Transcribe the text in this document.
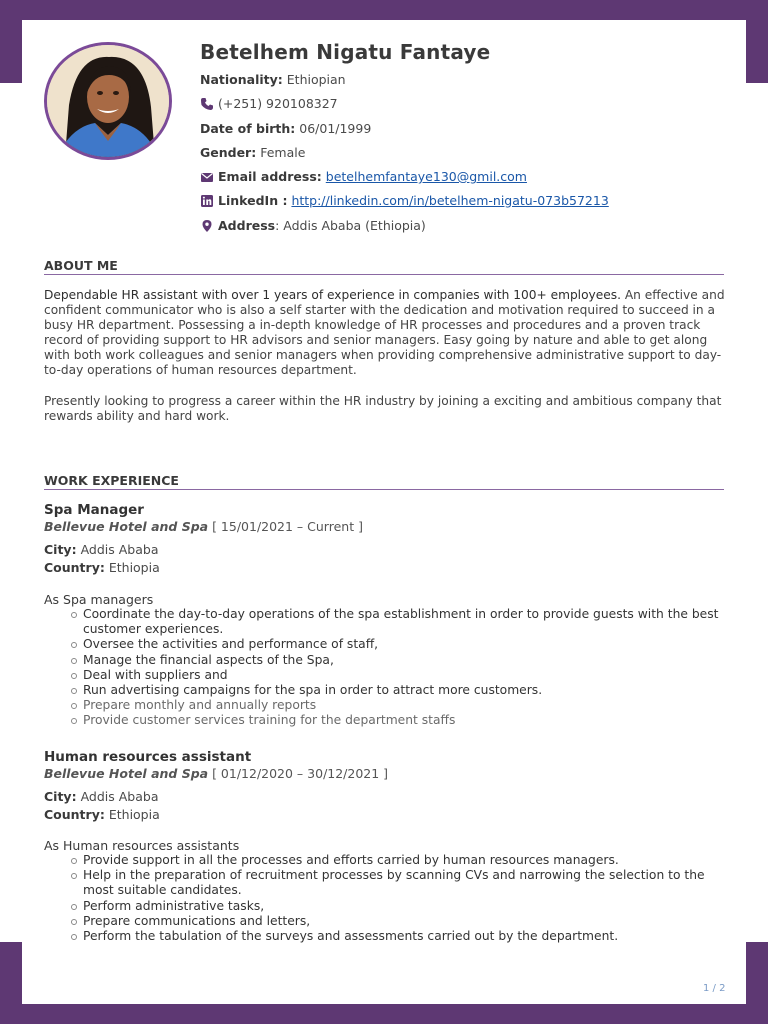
Betelhem Nigatu Fantaye
Nationality:
Ethiopian
(+251) 920108327
Date of birth:
06/01/1999
Gender:
Female
Email address:
betelhemfantaye130@gmil.com
LinkedIn :
http://linkedin.com/in/betelhem-nigatu-073b57213
Address : Addis Ababa (Ethiopia)
ABOUT ME
Dependable HR assistant with over 1 years of experience in companies with 100+ employees. An effective and confident communicator who is also a self starter with the dedication and motivation required to succeed in a busy HR department. Possessing a in-depth knowledge of HR processes and procedures and a proven track record of providing support to HR advisors and senior managers. Easy going by nature and able to get along with both work colleagues and senior managers when providing comprehensive administrative support to day-to-day operations of human resources department.
Presently looking to progress a career within the HR industry by joining a exciting and ambitious company that rewards ability and hard work.
WORK EXPERIENCE
Spa Manager
Bellevue Hotel and Spa [ 15/01/2021 – Current ]
City: Addis Ababa
Country: Ethiopia
As Spa managers
Coordinate the day-to-day operations of the spa establishment in order to provide guests with the best customer experiences.
Oversee the activities and performance of staff,
Manage the financial aspects of the Spa,
Deal with suppliers and
Run advertising campaigns for the spa in order to attract more customers.
Prepare monthly and annually reports
Provide customer services training for the department staffs
Human resources assistant
Bellevue Hotel and Spa [ 01/12/2020 – 30/12/2021 ]
City: Addis Ababa
Country: Ethiopia
As Human resources assistants
Provide support in all the processes and efforts carried by human resources managers.
Help in the preparation of recruitment processes by scanning CVs and narrowing the selection to the most suitable candidates.
Perform administrative tasks,
Prepare communications and letters,
Perform the tabulation of the surveys and assessments carried out by the department.
1 / 2
